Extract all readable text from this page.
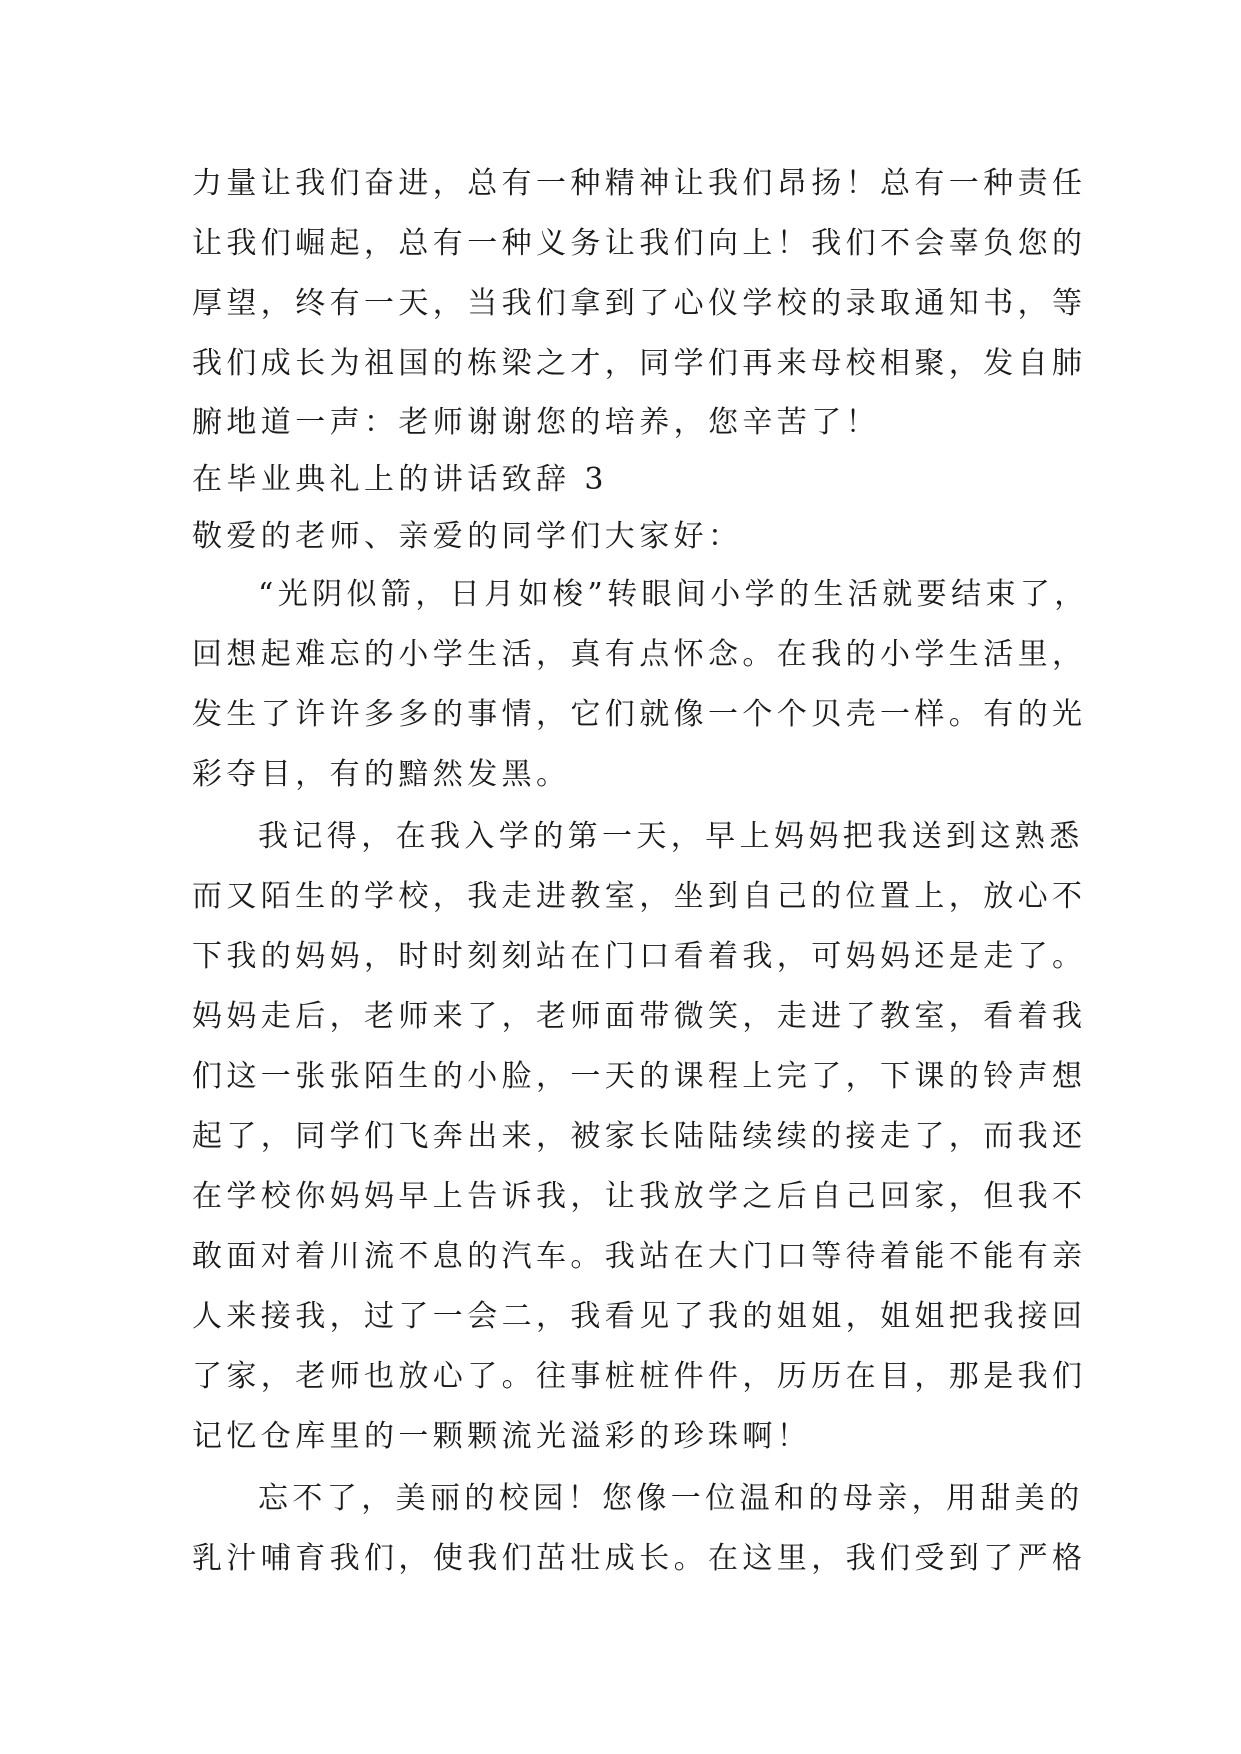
力量让我们奋进，总有一种精神让我们昂扬！总有一种责任
让我们崛起，总有一种义务让我们向上！我们不会辜负您的
厚望，终有一天，当我们拿到了心仪学校的录取通知书，等
我们成长为祖国的栋梁之才，同学们再来母校相聚，发自肺
腑地道一声：老师谢谢您的培养，您辛苦了！
在毕业典礼上的讲话致辞 3
敬爱的老师、亲爱的同学们大家好：
“光阴似箭，日月如梭”转眼间小学的生活就要结束了，
回想起难忘的小学生活，真有点怀念。在我的小学生活里，
发生了许许多多的事情，它们就像一个个贝壳一样。有的光
彩夺目，有的黯然发黑。
我记得，在我入学的第一天，早上妈妈把我送到这熟悉
而又陌生的学校，我走进教室，坐到自己的位置上，放心不
下我的妈妈，时时刻刻站在门口看着我，可妈妈还是走了。
妈妈走后，老师来了，老师面带微笑，走进了教室，看着我
们这一张张陌生的小脸，一天的课程上完了，下课的铃声想
起了，同学们飞奔出来，被家长陆陆续续的接走了，而我还
在学校你妈妈早上告诉我，让我放学之后自己回家，但我不
敢面对着川流不息的汽车。我站在大门口等待着能不能有亲
人来接我，过了一会二，我看见了我的姐姐，姐姐把我接回
了家，老师也放心了。往事桩桩件件，历历在目，那是我们
记忆仓库里的一颗颗流光溢彩的珍珠啊！
忘不了，美丽的校园！您像一位温和的母亲，用甜美的
乳汁哺育我们，使我们茁壮成长。在这里，我们受到了严格
